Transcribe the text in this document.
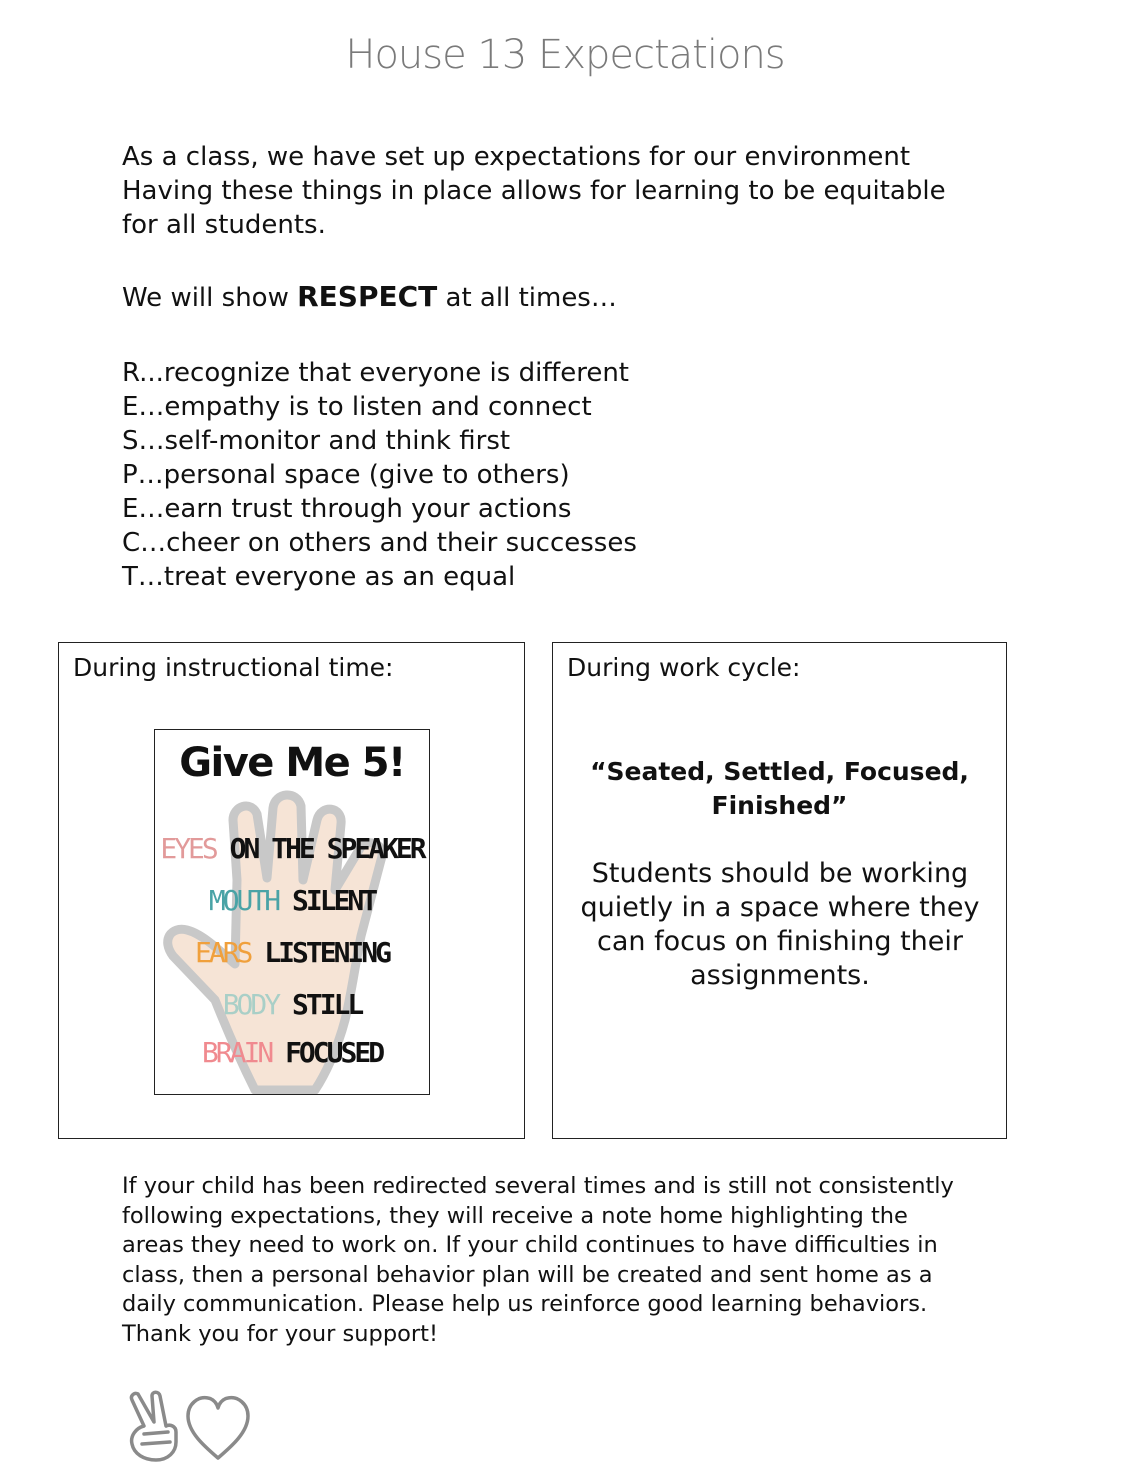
House 13 Expectations

As a class, we have set up expectations for our environment

Having these things in place allows for learning to be equitable

for all students.

We will show RESPECT at all times…
R...recognize that everyone is different
E…empathy is to listen and connect
S…self-monitor and think first
P…personal space (give to others)
E…earn trust through your actions
C…cheer on others and their successes
T…treat everyone as an equal
During instructional time:
Give Me 5!
EYES ON THE SPEAKER
MOUTH SILENT
EARS LISTENING
BODY STILL
BRAIN FOCUSED
During work cycle:
“Seated, Settled, Focused,
Finished”
Students should be working
quietly in a space where they
can focus on finishing their
assignments.
If your child has been redirected several times and is still not consistently
following expectations, they will receive a note home highlighting the
areas they need to work on. If your child continues to have difficulties in
class, then a personal behavior plan will be created and sent home as a
daily communication. Please help us reinforce good learning behaviors.
Thank you for your support!
